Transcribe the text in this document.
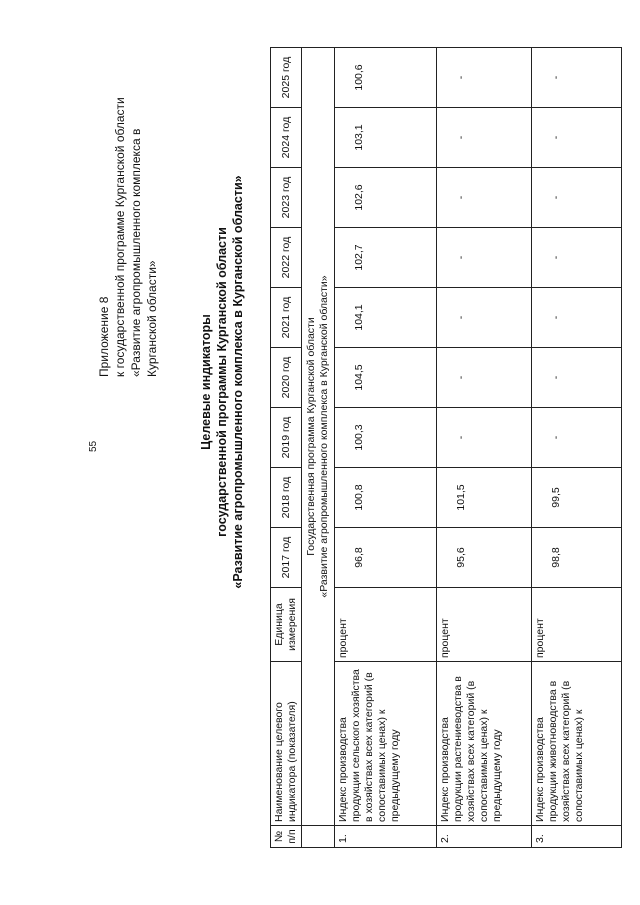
55
Приложение 8 к государственной программе Курганской области «Развитие агропромышленного комплекса в Курганской области»	Целевые индикаторы государственной программы Курганской области «Развитие агропромышленного комплекса в Курганской области»
№ п/п	Наименование целевого индикатора (показателя)	Единица измерения	2017 год	2018 год	2019 год	2020 год	2021 год	2022 год	2023 год	2024 год	2025 год

	Государственная программа Курганской области «Развитие агропромышленного комплекса в Курганской области»										

1.	Индекс производства продукции сельского хозяйства в хозяйствах всех категорий (в сопоставимых ценах) к предыдущему году	процент	96,8	100,8	100,3	104,5	104,1	102,7	102,6	103,1	100,6
2.	Индекс производства продукции растениеводства в хозяйствах всех категорий (в сопоставимых ценах) к предыдущему году	процент	95,6	101,5	-	-	-	-	-	-	-
3.	Индекс производства продукции животноводства в хозяйствах всех категорий (в сопоставимых ценах) к	процент	98,8	99,5	-	-	-	-	-	-	-
